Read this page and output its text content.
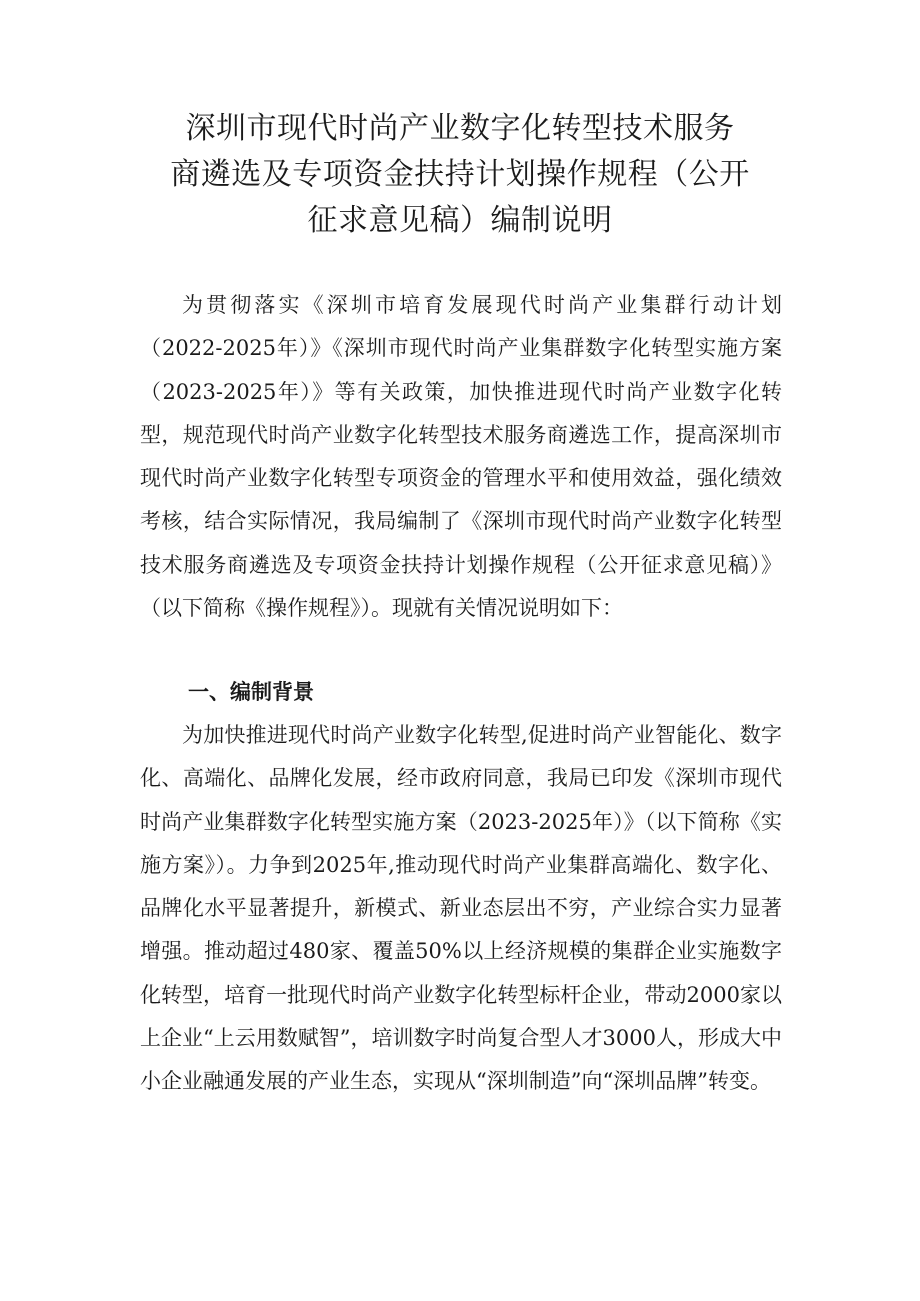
深圳市现代时尚产业数字化转型技术服务
商遴选及专项资金扶持计划操作规程（公开
征求意见稿）编制说明

为贯彻落实《深圳市培育发展现代时尚产业集群行动计划（2022-2025年）》《深圳市现代时尚产业集群数字化转型实施方案（2023-2025年）》等有关政策，加快推进现代时尚产业数字化转型，规范现代时尚产业数字化转型技术服务商遴选工作，提高深圳市现代时尚产业数字化转型专项资金的管理水平和使用效益，强化绩效考核，结合实际情况，我局编制了《深圳市现代时尚产业数字化转型技术服务商遴选及专项资金扶持计划操作规程（公开征求意见稿）》（以下简称《操作规程》）。现就有关情况说明如下：

一、编制背景

为加快推进现代时尚产业数字化转型,促进时尚产业智能化、数字化、高端化、品牌化发展，经市政府同意，我局已印发《深圳市现代时尚产业集群数字化转型实施方案（2023-2025年）》（以下简称《实施方案》）。力争到2025年,推动现代时尚产业集群高端化、数字化、品牌化水平显著提升，新模式、新业态层出不穷，产业综合实力显著增强。推动超过480家、覆盖50%以上经济规模的集群企业实施数字化转型，培育一批现代时尚产业数字化转型标杆企业，带动2000家以上企业“上云用数赋智”，培训数字时尚复合型人才3000人，形成大中小企业融通发展的产业生态，实现从“深圳制造”向“深圳品牌”转变。
